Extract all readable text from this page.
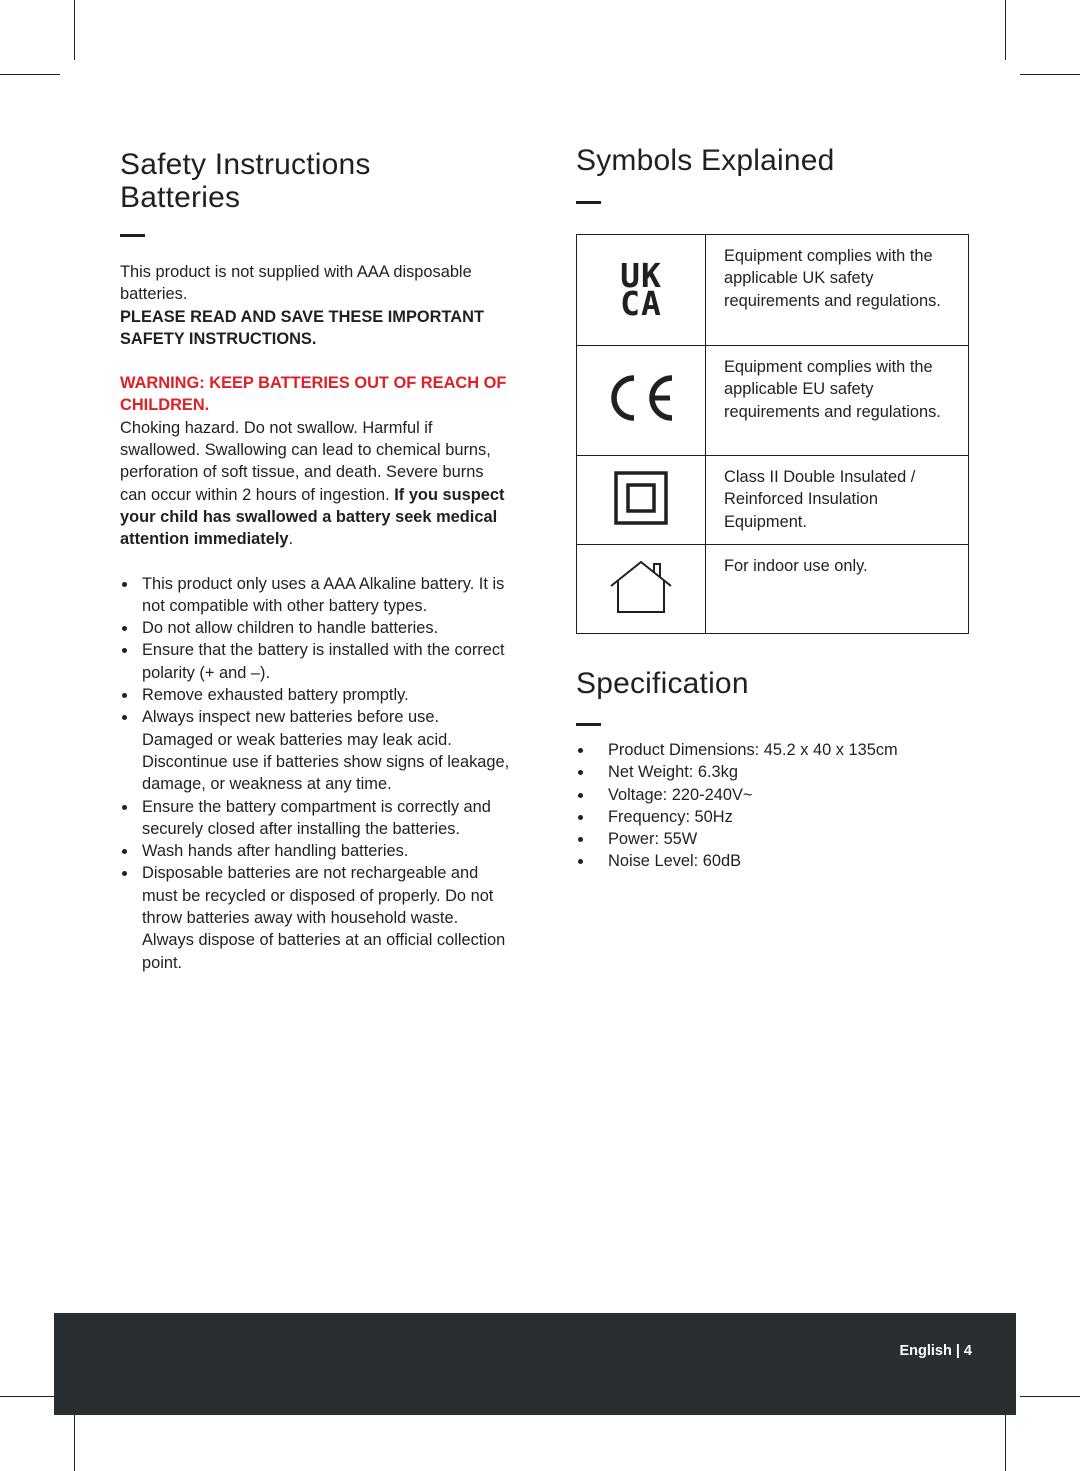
Safety Instructions
Batteries

This product is not supplied with AAA disposable batteries.

PLEASE READ AND SAVE THESE IMPORTANT SAFETY INSTRUCTIONS.

WARNING: KEEP BATTERIES OUT OF REACH OF CHILDREN.

Choking hazard. Do not swallow. Harmful if swallowed. Swallowing can lead to chemical burns, perforation of soft tissue, and death. Severe burns can occur within 2 hours of ingestion. If you suspect your child has swallowed a battery seek medical attention immediately.

This product only uses a AAA Alkaline battery. It is not compatible with other battery types.
Do not allow children to handle batteries.
Ensure that the battery is installed with the correct polarity (+ and –).
Remove exhausted battery promptly.
Always inspect new batteries before use. Damaged or weak batteries may leak acid. Discontinue use if batteries show signs of leakage, damage, or weakness at any time.
Ensure the battery compartment is correctly and securely closed after installing the batteries.
Wash hands after handling batteries.
Disposable batteries are not rechargeable and must be recycled or disposed of properly. Do not throw batteries away with household waste. Always dispose of batteries at an official collection point.
Symbols Explained
UK
CA	Equipment complies with the applicable UK safety requirements and regulations.
	Equipment complies with the applicable EU safety requirements and regulations.
	Class II Double Insulated / Reinforced Insulation Equipment.
	For indoor use only.
Specification
Product Dimensions: 45.2 x 40 x 135cm
Net Weight: 6.3kg
Voltage: 220-240V~
Frequency: 50Hz
Power: 55W
Noise Level: 60dB
English | 4
